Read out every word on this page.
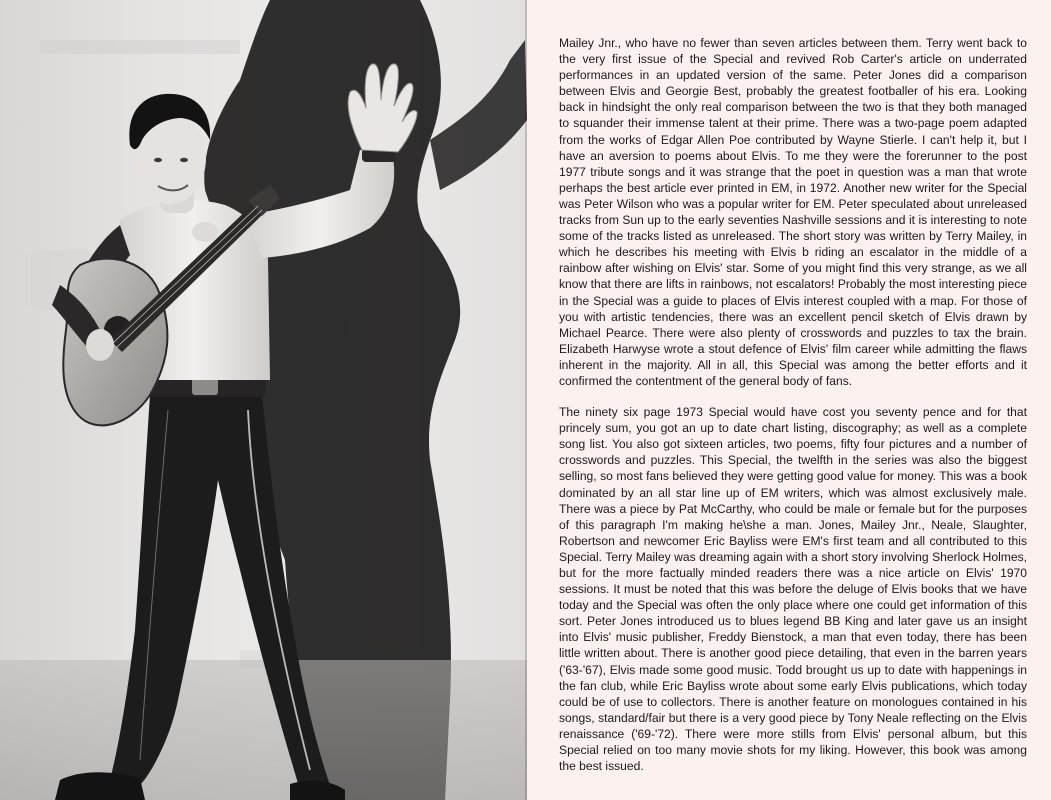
Mailey Jnr., who have no fewer than seven articles between them. Terry went back to the very first issue of the Special and revived Rob Carter's article on underrated performances in an updated version of the same. Peter Jones did a comparison between Elvis and Georgie Best, probably the greatest footballer of his era. Looking back in hindsight the only real comparison between the two is that they both managed to squander their immense talent at their prime. There was a two-page poem adapted from the works of Edgar Allen Poe contributed by Wayne Stierle. I can't help it, but I have an aversion to poems about Elvis. To me they were the forerunner to the post 1977 tribute songs and it was strange that the poet in question was a man that wrote perhaps the best article ever printed in EM, in 1972. Another new writer for the Special was Peter Wilson who was a popular writer for EM. Peter speculated about unreleased tracks from Sun up to the early seventies Nashville sessions and it is interesting to note some of the tracks listed as unreleased. The short story was written by Terry Mailey, in which he describes his meeting with Elvis b riding an escalator in the middle of a rainbow after wishing on Elvis' star. Some of you might find this very strange, as we all know that there are lifts in rainbows, not escalators! Probably the most interesting piece in the Special was a guide to places of Elvis interest coupled with a map. For those of you with artistic tendencies, there was an excellent pencil sketch of Elvis drawn by Michael Pearce. There were also plenty of crosswords and puzzles to tax the brain. Elizabeth Harwyse wrote a stout defence of Elvis' film career while admitting the flaws inherent in the majority. All in all, this Special was among the better efforts and it confirmed the contentment of the general body of fans.

The ninety six page 1973 Special would have cost you seventy pence and for that princely sum, you got an up to date chart listing, discography; as well as a complete song list. You also got sixteen articles, two poems, fifty four pictures and a number of crosswords and puzzles. This Special, the twelfth in the series was also the biggest selling, so most fans believed they were getting good value for money. This was a book dominated by an all star line up of EM writers, which was almost exclusively male. There was a piece by Pat McCarthy, who could be male or female but for the purposes of this paragraph I'm making he\she a man. Jones, Mailey Jnr., Neale, Slaughter, Robertson and newcomer Eric Bayliss were EM's first team and all contributed to this Special. Terry Mailey was dreaming again with a short story involving Sherlock Holmes, but for the more factually minded readers there was a nice article on Elvis' 1970 sessions. It must be noted that this was before the deluge of Elvis books that we have today and the Special was often the only place where one could get information of this sort. Peter Jones introduced us to blues legend BB King and later gave us an insight into Elvis' music publisher, Freddy Bienstock, a man that even today, there has been little written about. There is another good piece detailing, that even in the barren years ('63-'67), Elvis made some good music. Todd brought us up to date with happenings in the fan club, while Eric Bayliss wrote about some early Elvis publications, which today could be of use to collectors. There is another feature on monologues contained in his songs, standard/fair but there is a very good piece by Tony Neale reflecting on the Elvis renaissance ('69-'72). There were more stills from Elvis' personal album, but this Special relied on too many movie shots for my liking. However, this book was among the best issued.
